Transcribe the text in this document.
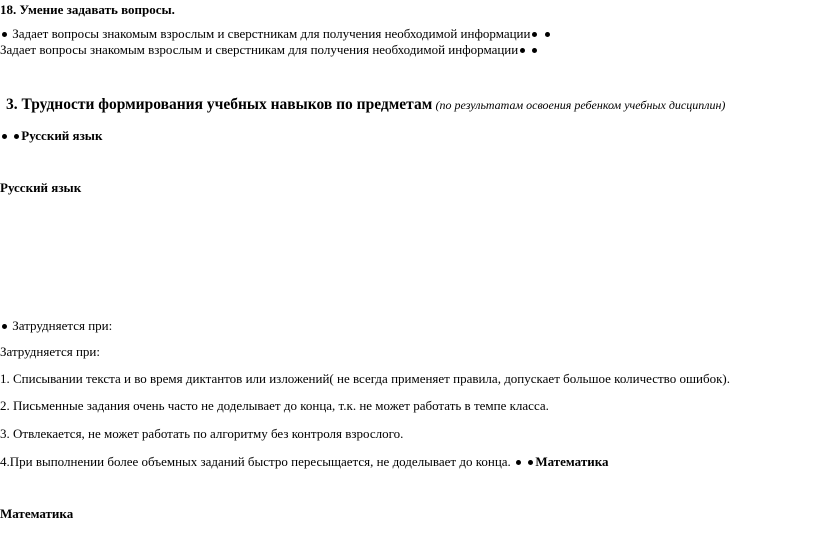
18. Умение задавать вопросы.
Задает вопросы знакомым взрослым и сверстникам для получения необходимой информации
Задает вопросы знакомым взрослым и сверстникам для получения необходимой информации
3. Трудности формирования учебных навыков по предметам (по результатам освоения ребенком учебных дисциплин)
Русский язык
Русский язык
Затрудняется при:
Затрудняется при:
1. Списывании текста и во время диктантов или изложений( не всегда применяет правила, допускает большое количество ошибок).
2. Письменные задания очень часто не доделывает до конца, т.к. не может работать в темпе класса.
3. Отвлекается, не может работать по алгоритму без контроля взрослого.
4.При выполнении более объемных заданий быстро пересыщается, не доделывает до конца. Математика
Математика
